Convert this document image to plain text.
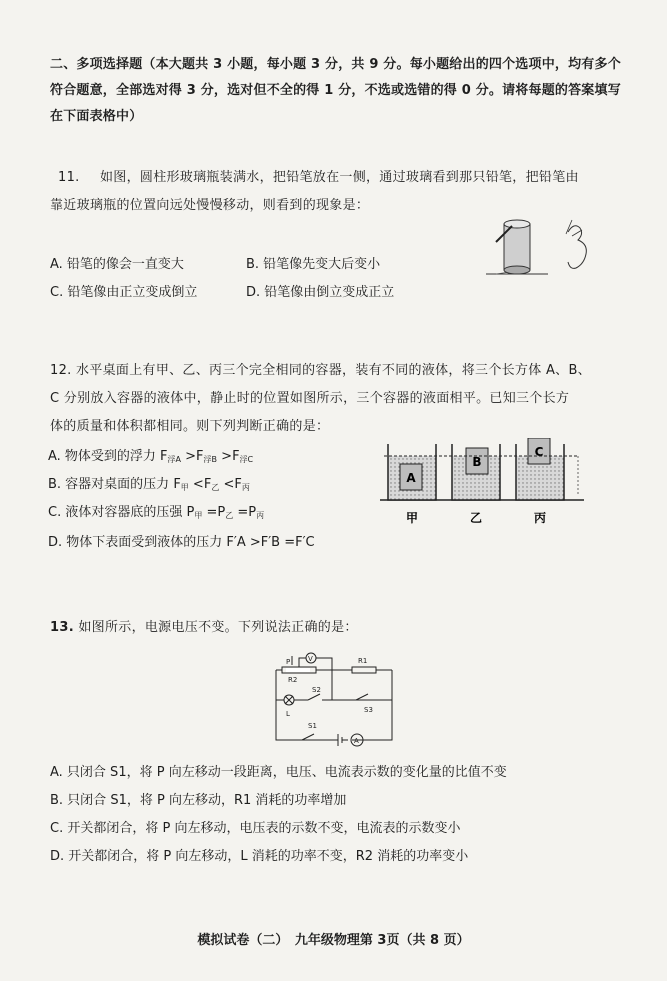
二、多项选择题（本大题共 3 小题，每小题 3 分，共 9 分。每小题给出的四个选项中，均有多个符合题意，全部选对得 3 分，选对但不全的得 1 分，不选或选错的得 0 分。请将每题的答案填写在下面表格中）
11. 如图，圆柱形玻璃瓶装满水，把铅笔放在一侧，通过玻璃看到那只铅笔，把铅笔由
靠近玻璃瓶的位置向远处慢慢移动，则看到的现象是：
A. 铅笔的像会一直变大	B. 铅笔像先变大后变小
C. 铅笔像由正立变成倒立	D. 铅笔像由倒立变成正立
12. 水平桌面上有甲、乙、丙三个完全相同的容器，装有不同的液体，将三个长方体 A、B、
C 分别放入容器的液体中，静止时的位置如图所示，三个容器的液面相平。已知三个长方
体的质量和体积都相同。则下列判断正确的是：
A. 物体受到的浮力 $F_{浮A} >F_{浮B} >F_{浮C}$
B. 容器对桌面的压力 $F_甲 <F_乙 <F_丙$
C. 液体对容器底的压强 $P_甲 =P_乙 =P_丙$
D. 物体下表面受到液体的压力 F′A >F′B =F′C
A
B
C
甲	乙	丙
13. 如图所示，电源电压不变。下列说法正确的是：
P	V	R1
R2
S2
L
S1
S3
A
A. 只闭合 S1，将 P 向左移动一段距离，电压、电流表示数的变化量的比值不变
B. 只闭合 S1，将 P 向左移动，R1 消耗的功率增加
C. 开关都闭合，将 P 向左移动，电压表的示数不变，电流表的示数变小
D. 开关都闭合，将 P 向左移动，L 消耗的功率不变，R2 消耗的功率变小
模拟试卷（二）　九年级物理第 3页（共 8 页）
